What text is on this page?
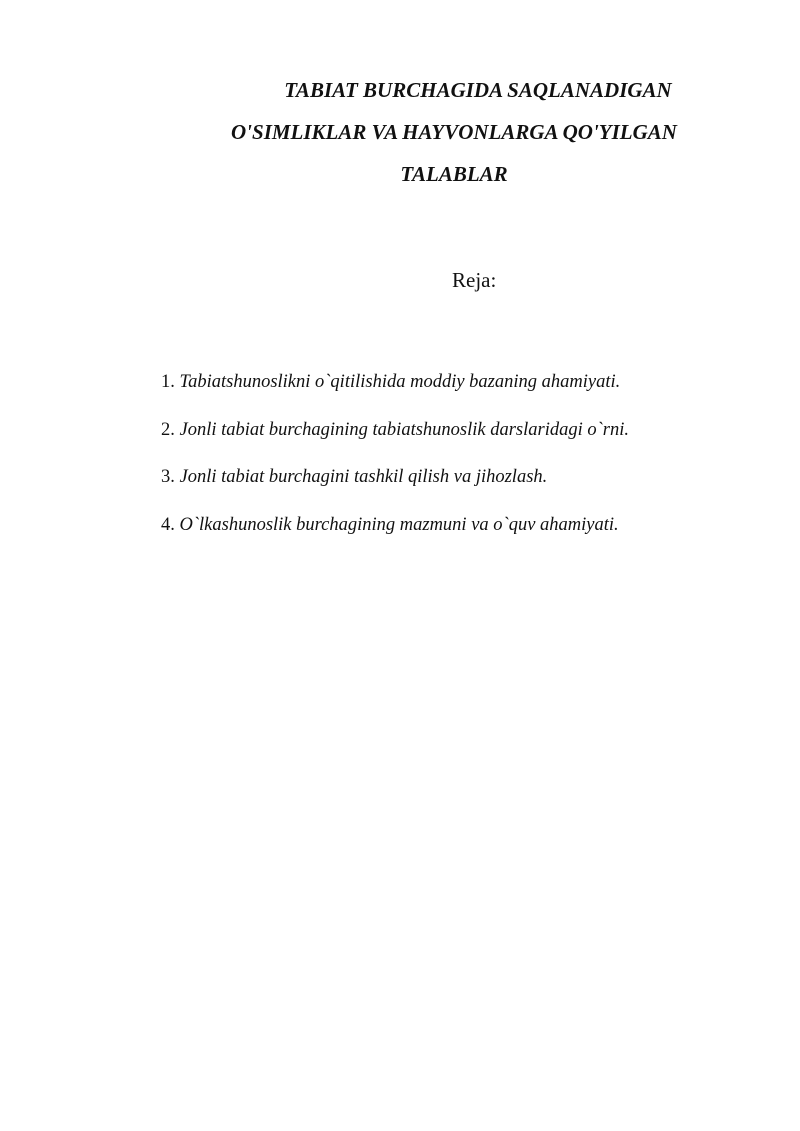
TABIAT BURCHAGIDA SAQLANADIGAN
O'SIMLIKLAR VA HAYVONLARGA QO'YILGAN
TALABLAR

Reja:

1. Tabiatshunoslikni o`qitilishida moddiy bazaning ahamiyati.
2. Jonli tabiat burchagining tabiatshunoslik darslaridagi o`rni.
3. Jonli tabiat burchagini tashkil qilish va jihozlash.
4. O`lkashunoslik burchagining mazmuni va o`quv ahamiyati.
